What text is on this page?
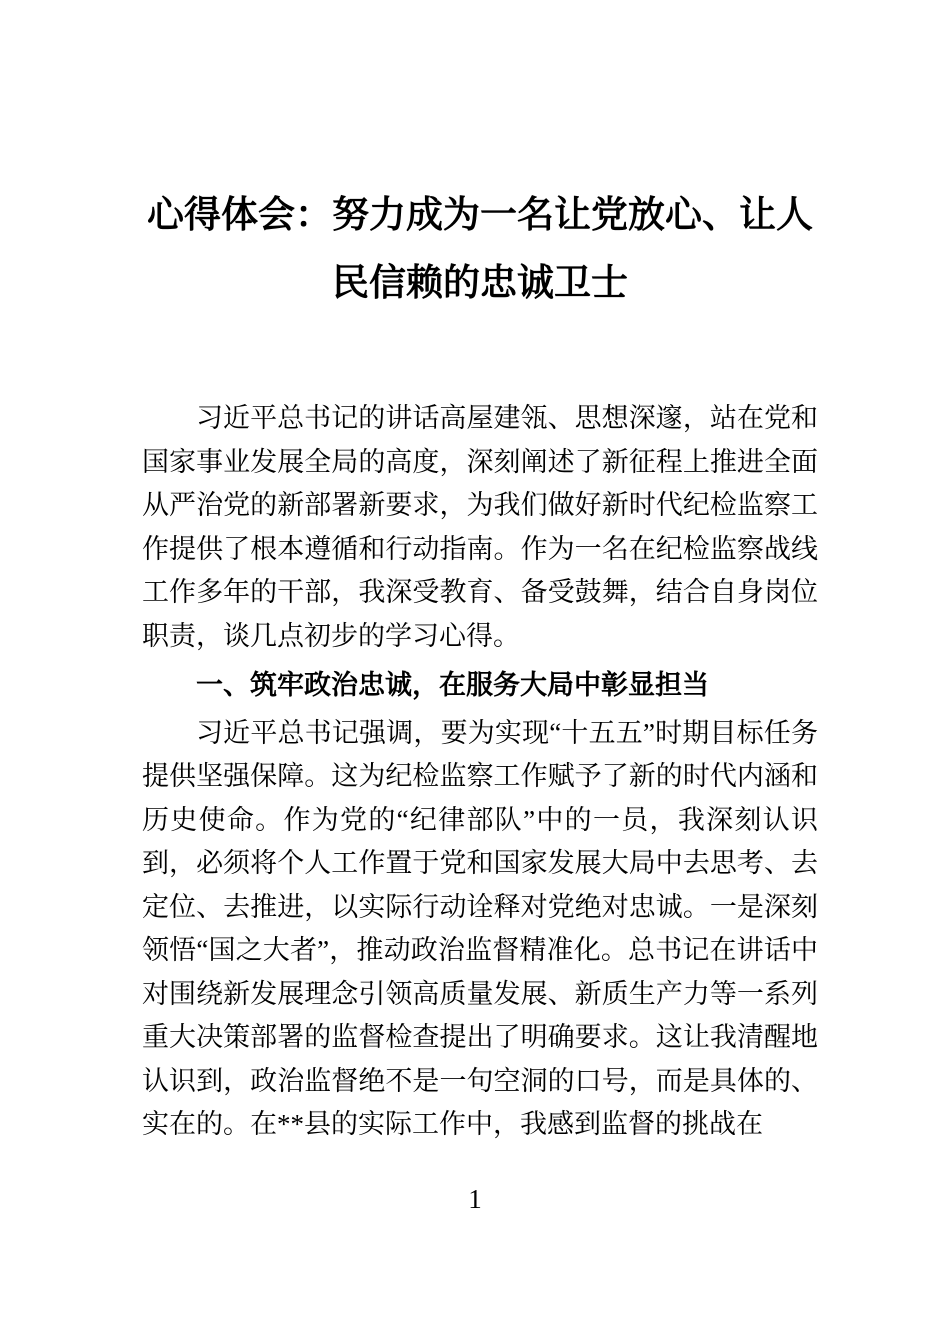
心得体会：努力成为一名让党放心、让人民信赖的忠诚卫士

习近平总书记的讲话高屋建瓴、思想深邃，站在党和国家事业发展全局的高度，深刻阐述了新征程上推进全面从严治党的新部署新要求，为我们做好新时代纪检监察工作提供了根本遵循和行动指南。作为一名在纪检监察战线工作多年的干部，我深受教育、备受鼓舞，结合自身岗位职责，谈几点初步的学习心得。

一、筑牢政治忠诚，在服务大局中彰显担当

习近平总书记强调，要为实现“十五五”时期目标任务提供坚强保障。这为纪检监察工作赋予了新的时代内涵和历史使命。作为党的“纪律部队”中的一员，我深刻认识到，必须将个人工作置于党和国家发展大局中去思考、去定位、去推进，以实际行动诠释对党绝对忠诚。一是深刻领悟“国之大者”，推动政治监督精准化。总书记在讲话中对围绕新发展理念引领高质量发展、新质生产力等一系列重大决策部署的监督检查提出了明确要求。这让我清醒地认识到，政治监督绝不是一句空洞的口号，而是具体的、实在的。在**县的实际工作中，我感到监督的挑战在

1
